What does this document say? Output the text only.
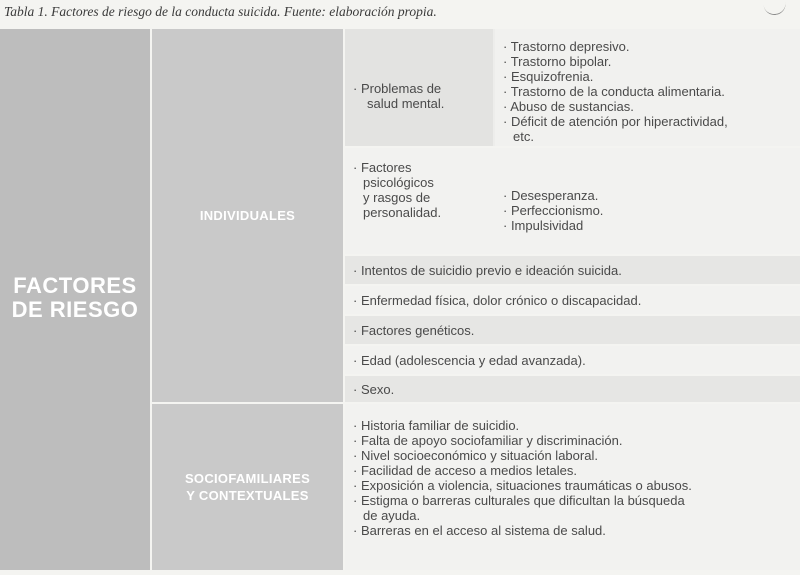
Tabla 1. Factores de riesgo de la conducta suicida. Fuente: elaboración propia.
FACTORES
DE RIESGO
INDIVIDUALES
SOCIOFAMILIARES
Y CONTEXTUALES
· Problemas de
salud mental.
· Trastorno depresivo.
· Trastorno bipolar.
· Esquizofrenia.
· Trastorno de la conducta alimentaria.
· Abuso de sustancias.
· Déficit de atención por hiperactividad,
etc.
· Factores
psicológicos
y rasgos de
personalidad.
· Desesperanza.
· Perfeccionismo.
· Impulsividad
· Intentos de suicidio previo e ideación suicida.
· Enfermedad física, dolor crónico o discapacidad.
· Factores genéticos.
· Edad (adolescencia y edad avanzada).
· Sexo.
· Historia familiar de suicidio.
· Falta de apoyo sociofamiliar y discriminación.
· Nivel socioeconómico y situación laboral.
· Facilidad de acceso a medios letales.
· Exposición a violencia, situaciones traumáticas o abusos.
· Estigma o barreras culturales que dificultan la búsqueda
de ayuda.
· Barreras en el acceso al sistema de salud.
